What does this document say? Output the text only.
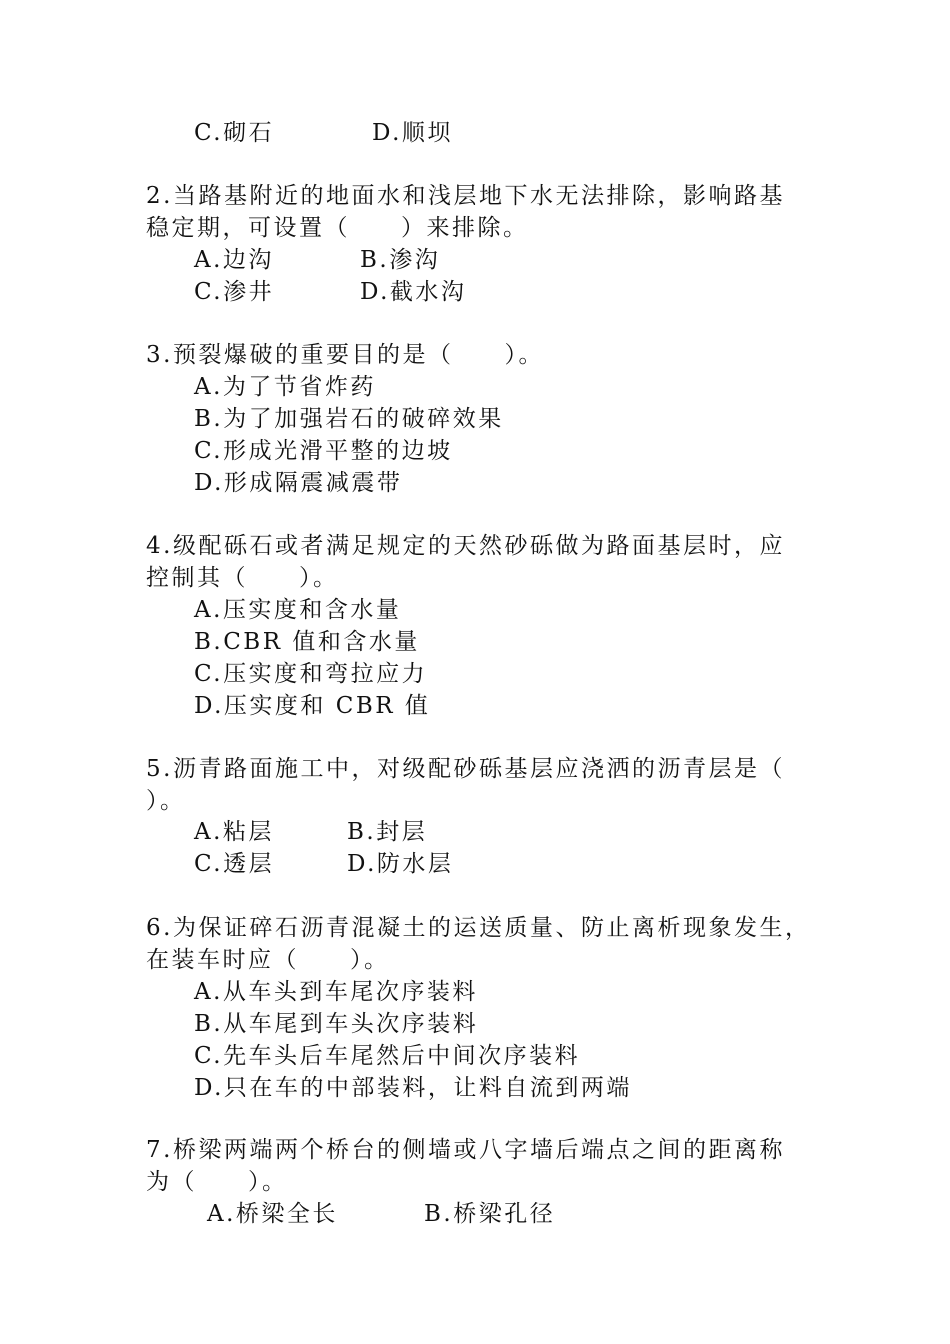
C.砌石	D.顺坝
2.当路基附近的地面水和浅层地下水无法排除，影响路基
稳定期，可设置（　　）来排除。
A.边沟	B.渗沟
C.渗井	D.截水沟
3.预裂爆破的重要目的是（　　）。
A.为了节省炸药
B.为了加强岩石的破碎效果
C.形成光滑平整的边坡
D.形成隔震减震带
4.级配砾石或者满足规定的天然砂砾做为路面基层时，应
控制其（　　）。
A.压实度和含水量
B.CBR 值和含水量
C.压实度和弯拉应力
D.压实度和 CBR 值
5.沥青路面施工中，对级配砂砾基层应浇洒的沥青层是（
）。
A.粘层	B.封层
C.透层	D.防水层
6.为保证碎石沥青混凝土的运送质量、防止离析现象发生，
在装车时应（　　）。
A.从车头到车尾次序装料
B.从车尾到车头次序装料
C.先车头后车尾然后中间次序装料
D.只在车的中部装料，让料自流到两端
7.桥梁两端两个桥台的侧墙或八字墙后端点之间的距离称
为（　　）。
A.桥梁全长	B.桥梁孔径
